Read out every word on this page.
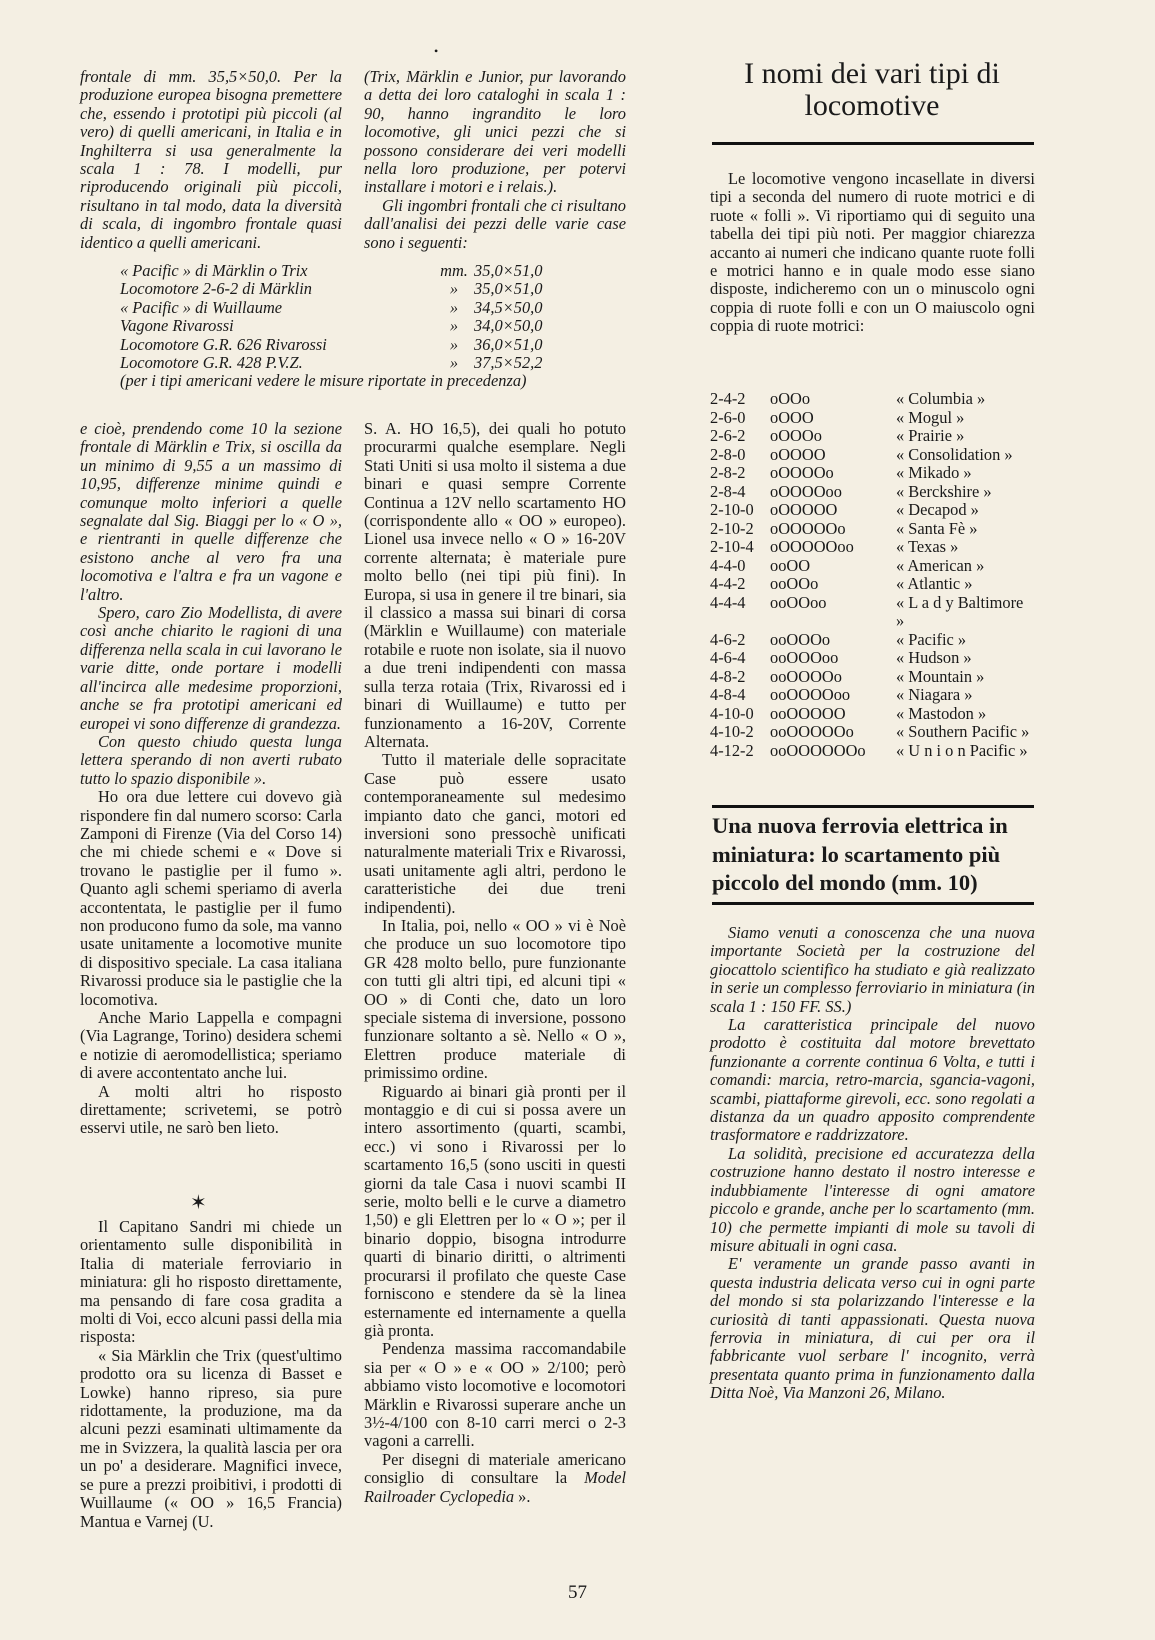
•

frontale di mm. 35,5×50,0. Per la produzione europea bisogna premettere che, essendo i prototipi più piccoli (al vero) di quelli americani, in Italia e in Inghilterra si usa generalmente la scala 1 : 78. I modelli, pur riproducendo originali più piccoli, risultano in tal modo, data la diversità di scala, di ingombro frontale quasi identico a quelli americani.

(Trix, Märklin e Junior, pur lavorando a detta dei loro cataloghi in scala 1 : 90, hanno ingrandito le loro locomotive, gli unici pezzi che si possono considerare dei veri modelli nella loro produzione, per potervi installare i motori e i relais.).

Gli ingombri frontali che ci risultano dall'analisi dei pezzi delle varie case sono i seguenti:

« Pacific » di Märklin o Trix	mm. 35,0×51,0
Locomotore 2-6-2 di Märklin	» 35,0×51,0
« Pacific » di Wuillaume	» 34,5×50,0
Vagone Rivarossi	» 34,0×50,0
Locomotore G.R. 626 Rivarossi	» 36,0×51,0
Locomotore G.R. 428 P.V.Z.	» 37,5×52,2
(per i tipi americani vedere le misure riportate in precedenza)

e cioè, prendendo come 10 la sezione frontale di Märklin e Trix, si oscilla da un minimo di 9,55 a un massimo di 10,95, differenze minime quindi e comunque molto inferiori a quelle segnalate dal Sig. Biaggi per lo « O », e rientranti in quelle differenze che esistono anche al vero fra una locomotiva e l'altra e fra un vagone e l'altro.

Spero, caro Zio Modellista, di avere così anche chiarito le ragioni di una differenza nella scala in cui lavorano le varie ditte, onde portare i modelli all'incirca alle medesime proporzioni, anche se fra prototipi americani ed europei vi sono differenze di grandezza.

Con questo chiudo questa lunga lettera sperando di non averti rubato tutto lo spazio disponibile ».

Ho ora due lettere cui dovevo già rispondere fin dal numero scorso: Carla Zamponi di Firenze (Via del Corso 14) che mi chiede schemi e « Dove si trovano le pastiglie per il fumo ». Quanto agli schemi speriamo di averla accontentata, le pastiglie per il fumo non producono fumo da sole, ma vanno usate unitamente a locomotive munite di dispositivo speciale. La casa italiana Rivarossi produce sia le pastiglie che la locomotiva.

Anche Mario Lappella e compagni (Via Lagrange, Torino) desidera schemi e notizie di aeromodellistica; speriamo di avere accontentato anche lui.

A molti altri ho risposto direttamente; scrivetemi, se potrò esservi utile, ne sarò ben lieto.

✶

Il Capitano Sandri mi chiede un orientamento sulle disponibilità in Italia di materiale ferroviario in miniatura: gli ho risposto direttamente, ma pensando di fare cosa gradita a molti di Voi, ecco alcuni passi della mia risposta:

« Sia Märklin che Trix (quest'ultimo prodotto ora su licenza di Basset e Lowke) hanno ripreso, sia pure ridottamente, la produzione, ma da alcuni pezzi esaminati ultimamente da me in Svizzera, la qualità lascia per ora un po' a desiderare. Magnifici invece, se pure a prezzi proibitivi, i prodotti di Wuillaume (« OO » 16,5 Francia) Mantua e Varnej (U.

S. A. HO 16,5), dei quali ho potuto procurarmi qualche esemplare. Negli Stati Uniti si usa molto il sistema a due binari e quasi sempre Corrente Continua a 12V nello scartamento HO (corrispondente allo « OO » europeo). Lionel usa invece nello « O » 16-20V corrente alternata; è materiale pure molto bello (nei tipi più fini). In Europa, si usa in genere il tre binari, sia il classico a massa sui binari di corsa (Märklin e Wuillaume) con materiale rotabile e ruote non isolate, sia il nuovo a due treni indipendenti con massa sulla terza rotaia (Trix, Rivarossi ed i binari di Wuillaume) e tutto per funzionamento a 16-20V, Corrente Alternata.

Tutto il materiale delle sopracitate Case può essere usato contemporaneamente sul medesimo impianto dato che ganci, motori ed inversioni sono pressochè unificati naturalmente materiali Trix e Rivarossi, usati unitamente agli altri, perdono le caratteristiche dei due treni indipendenti).

In Italia, poi, nello « OO » vi è Noè che produce un suo locomotore tipo GR 428 molto bello, pure funzionante con tutti gli altri tipi, ed alcuni tipi « OO » di Conti che, dato un loro speciale sistema di inversione, possono funzionare soltanto a sè. Nello « O », Elettren produce materiale di primissimo ordine.

Riguardo ai binari già pronti per il montaggio e di cui si possa avere un intero assortimento (quarti, scambi, ecc.) vi sono i Rivarossi per lo scartamento 16,5 (sono usciti in questi giorni da tale Casa i nuovi scambi II serie, molto belli e le curve a diametro 1,50) e gli Elettren per lo « O »; per il binario doppio, bisogna introdurre quarti di binario diritti, o altrimenti procurarsi il profilato che queste Case forniscono e stendere da sè la linea esternamente ed internamente a quella già pronta.

Pendenza massima raccomandabile sia per « O » e « OO » 2/100; però abbiamo visto locomotive e locomotori Märklin e Rivarossi superare anche un 3½-4/100 con 8-10 carri merci o 2-3 vagoni a carrelli.

Per disegni di materiale americano consiglio di consultare la Model Railroader Cyclopedia ».

I nomi dei vari tipi di locomotive

Le locomotive vengono incasellate in diversi tipi a seconda del numero di ruote motrici e di ruote « folli ». Vi riportiamo qui di seguito una tabella dei tipi più noti. Per maggior chiarezza accanto ai numeri che indicano quante ruote folli e motrici hanno e in quale modo esse siano disposte, indicheremo con un o minuscolo ogni coppia di ruote folli e con un O maiuscolo ogni coppia di ruote motrici:

2-4-2	oOOo	« Columbia »
2-6-0	oOOO	« Mogul »
2-6-2	oOOOo	« Prairie »
2-8-0	oOOOO	« Consolidation »
2-8-2	oOOOOo	« Mikado »
2-8-4	oOOOOoo	« Berckshire »
2-10-0 oOOOOO	« Decapod »
2-10-2 oOOOOOo	« Santa Fè »
2-10-4 oOOOOOoo	« Texas »
4-4-0	ooOO	« American »
4-4-2	ooOOo	« Atlantic »
4-4-4	ooOOoo	« L a d y Baltimore »
4-6-2	ooOOOo	« Pacific »
4-6-4	ooOOOoo	« Hudson »
4-8-2	ooOOOOo	« Mountain »
4-8-4	ooOOOOoo	« Niagara »
4-10-0 ooOOOOO	« Mastodon »
4-10-2 ooOOOOOo	« Southern Pacific »
4-12-2 ooOOOOOOo	« U n i o n Pacific »
Una nuova ferrovia elettrica in miniatura: lo scartamento più piccolo del mondo (mm. 10)

Siamo venuti a conoscenza che una nuova importante Società per la costruzione del giocattolo scientifico ha studiato e già realizzato in serie un complesso ferroviario in miniatura (in scala 1 : 150 FF. SS.)

La caratteristica principale del nuovo prodotto è costituita dal motore brevettato funzionante a corrente continua 6 Volta, e tutti i comandi: marcia, retro-marcia, sgancia-vagoni, scambi, piattaforme girevoli, ecc. sono regolati a distanza da un quadro apposito comprendente trasformatore e raddrizzatore.

La solidità, precisione ed accuratezza della costruzione hanno destato il nostro interesse e indubbiamente l'interesse di ogni amatore piccolo e grande, anche per lo scartamento (mm. 10) che permette impianti di mole su tavoli di misure abituali in ogni casa.

E' veramente un grande passo avanti in questa industria delicata verso cui in ogni parte del mondo si sta polarizzando l'interesse e la curiosità di tanti appassionati. Questa nuova ferrovia in miniatura, di cui per ora il fabbricante vuol serbare l' incognito, verrà presentata quanto prima in funzionamento dalla Ditta Noè, Via Manzoni 26, Milano.

57
